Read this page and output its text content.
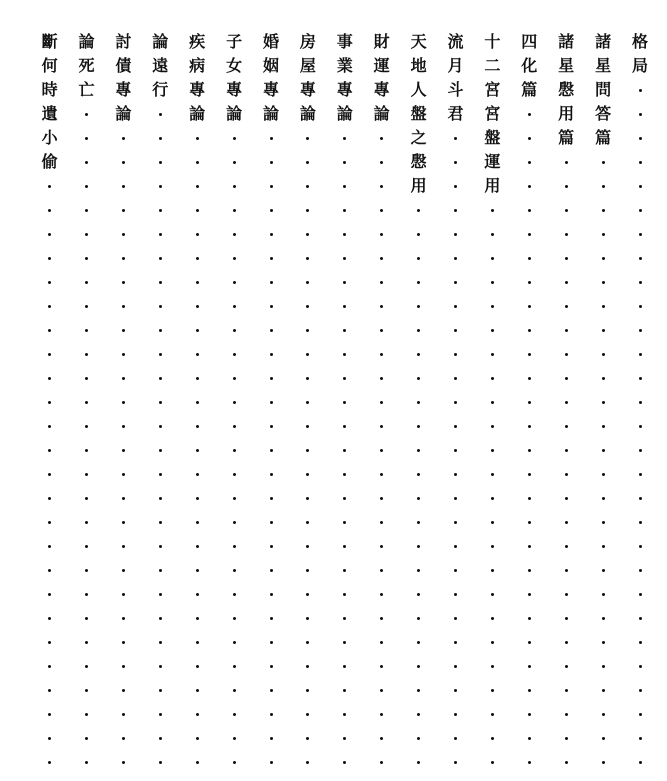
格
局
諸
星
問
答
篇
諸
星
慇
用
篇
四
化
篇
十
二
宮
宮
盤
運
用
流
月
斗
君
天
地
人
盤
之
慇
用
財
運
專
論
事
業
專
論
房
屋
專
論
婚
姻
專
論
子
女
專
論
疾
病
專
論
論
遠
行
討
債
專
論
論
死
亡
斷
何
時
遺
小
偷
